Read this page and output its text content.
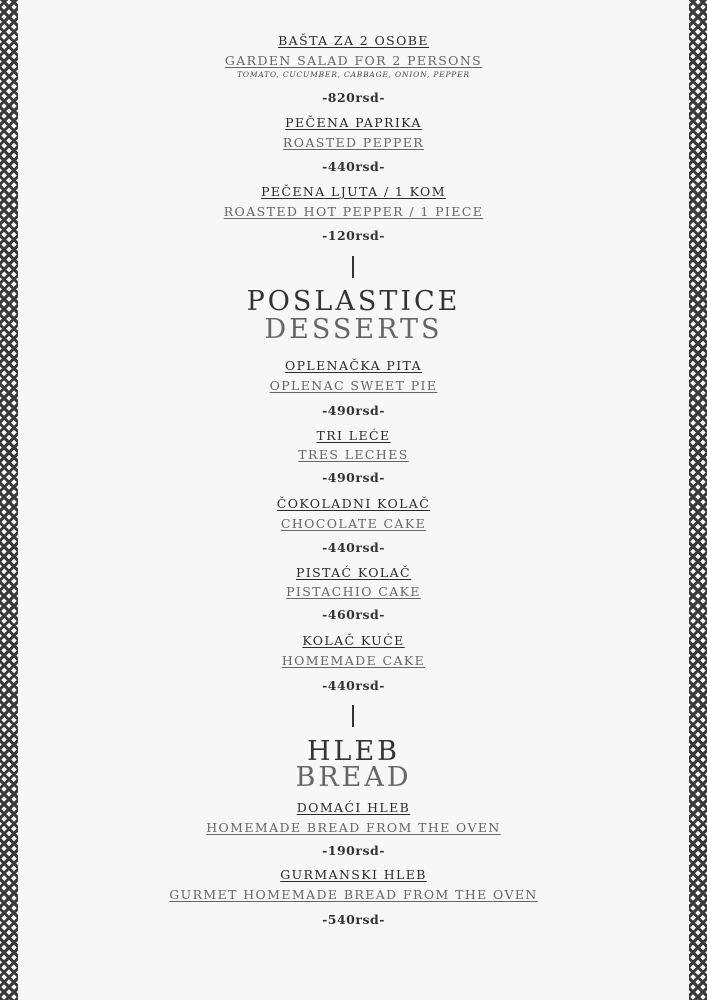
BAŠTA ZA 2 OSOBE
GARDEN SALAD FOR 2 PERSONS
TOMATO, CUCUMBER, CABBAGE, ONION, PEPPER
-820rsd-
PEČENA PAPRIKA
ROASTED PEPPER
-440rsd-
PEČENA LJUTA / 1 KOM
ROASTED HOT PEPPER / 1 PIECE
-120rsd-
POSLASTICE
DESSERTS
OPLENAČKA PITA
OPLENAC SWEET PIE
-490rsd-
TRI LEĆE
TRES LECHES
-490rsd-
ČOKOLADNI KOLAČ
CHOCOLATE CAKE
-440rsd-
PISTAĆ KOLAČ
PISTACHIO CAKE
-460rsd-
KOLAČ KUĆE
HOMEMADE CAKE
-440rsd-
HLEB
BREAD
DOMAĆI HLEB
HOMEMADE BREAD FROM THE OVEN
-190rsd-
GURMANSKI HLEB
GURMET HOMEMADE BREAD FROM THE OVEN
-540rsd-
